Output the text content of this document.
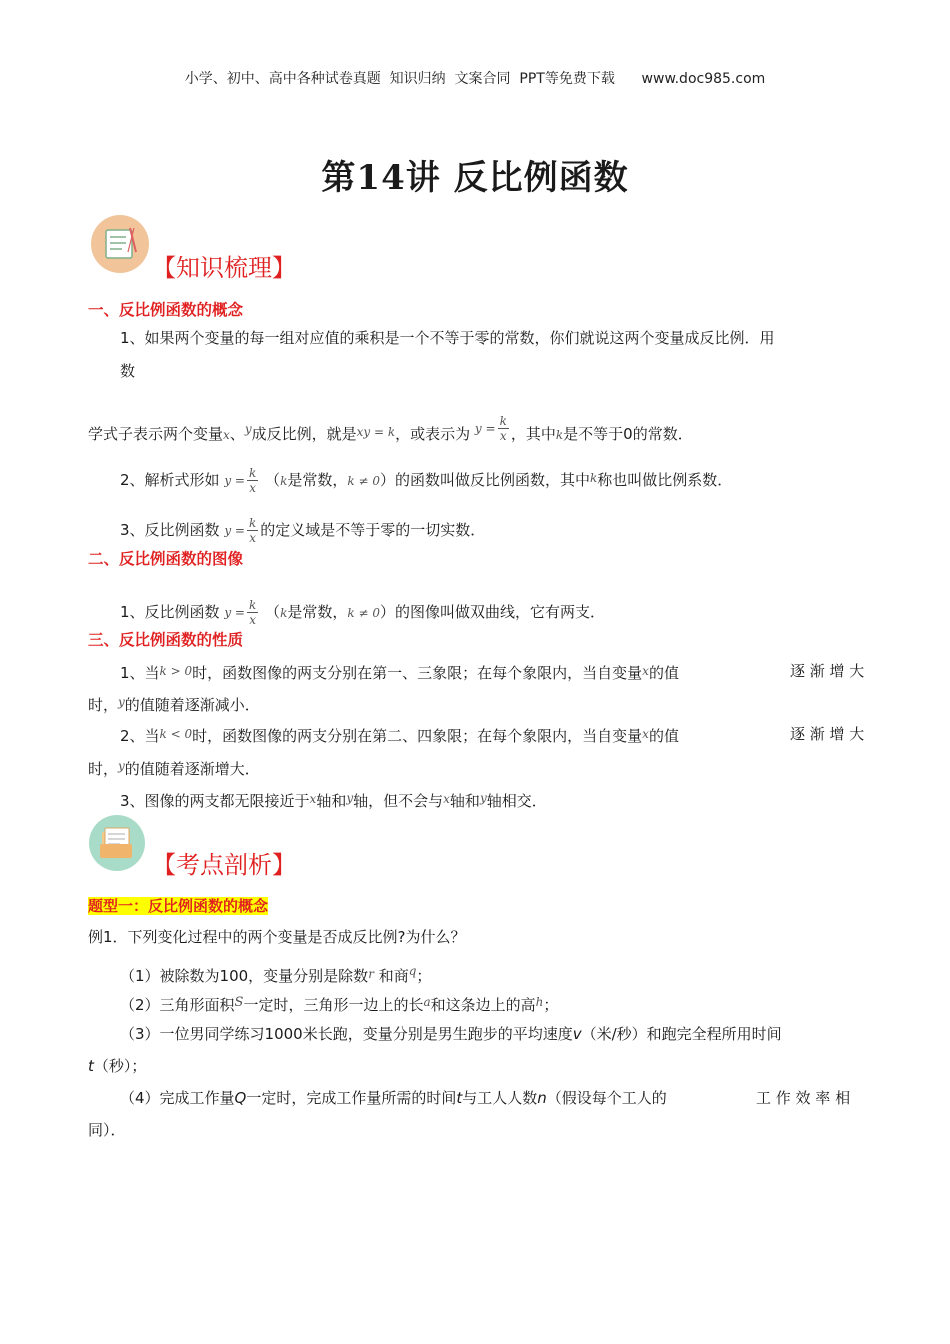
小学、初中、高中各种试卷真题  知识归纳  文案合同  PPT等免费下载      www.doc985.com
第14讲 反比例函数
【知识梳理】
一、反比例函数的概念
1、如果两个变量的每一组对应值的乘积是一个不等于零的常数，你们就说这两个变量成反比例．用
数
学式子表示两个变量x、$^y$成反比例，就是$^{xy = k}$，或表示为 $y = \frac{k}{x}$ ，其中k是不等于0的常数．
2、解析式形如 $y = \frac{k}{x} (k$是常数，k ≠ 0）的函数叫做反比例函数，其中$^k$称也叫做比例系数．
3、反比例函数 $y = \frac{k}{x}$ 的定义域是不等于零的一切实数．
二、反比例函数的图像
1、反比例函数 $y = \frac{k}{x} (k$是常数，k ≠ 0）的图像叫做双曲线，它有两支．
三、反比例函数的性质
1、当$^{k > 0}$时，函数图像的两支分别在第一、三象限；在每个象限内，当自变量$^x$的值	逐 渐 增 大
时，$^y$的值随着逐渐减小．
2、当$^{k < 0}$时，函数图像的两支分别在第二、四象限；在每个象限内，当自变量$^x$的值	逐 渐 增 大
时，$^y$的值随着逐渐增大．
3、图像的两支都无限接近于$^x$轴和$^y$轴，但不会与$^x$轴和$^y$轴相交．
【考点剖析】
题型一：反比例函数的概念
例1．下列变化过程中的两个变量是否成反比例?为什么？
（1）被除数为100，变量分别是除数$^r$ 和商$^q$；
（2）三角形面积S一定时，三角形一边上的长$^a$和这条边上的高$^h$；
（3）一位男同学练习1000米长跑，变量分别是男生跑步的平均速度v（米/秒）和跑完全程所用时间
t（秒）；
（4）完成工作量Q一定时，完成工作量所需的时间t与工人人数n（假设每个工人的	工 作 效 率 相
同）．
